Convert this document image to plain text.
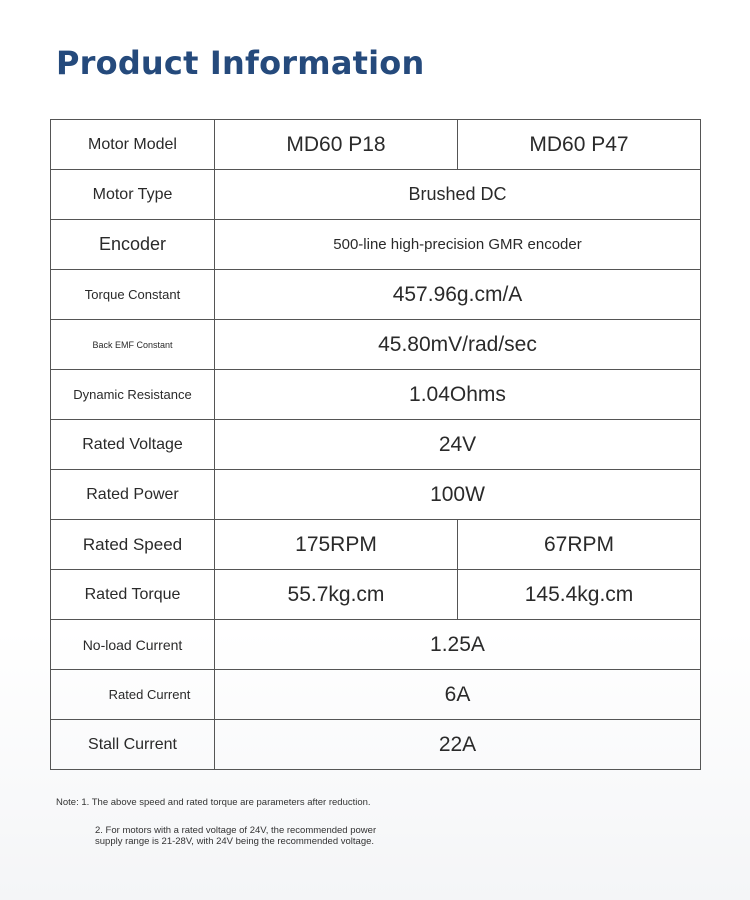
Product Information
Motor Model	MD60 P18	MD60 P47
Motor Type	Brushed DC	
Encoder	500-line high-precision GMR encoder	
Torque Constant	457.96g.cm/A	
Back EMF Constant	45.80mV/rad/sec	
Dynamic Resistance	1.04Ohms	
Rated Voltage	24V	
Rated Power	100W	
Rated Speed	175RPM	67RPM
Rated Torque	55.7kg.cm	145.4kg.cm
No-load Current	1.25A	
Rated Current	6A	
Stall Current	22A	
Note: 1. The above speed and rated torque are parameters after reduction.
2. For motors with a rated voltage of 24V, the recommended power supply range is 21-28V, with 24V being the recommended voltage.
